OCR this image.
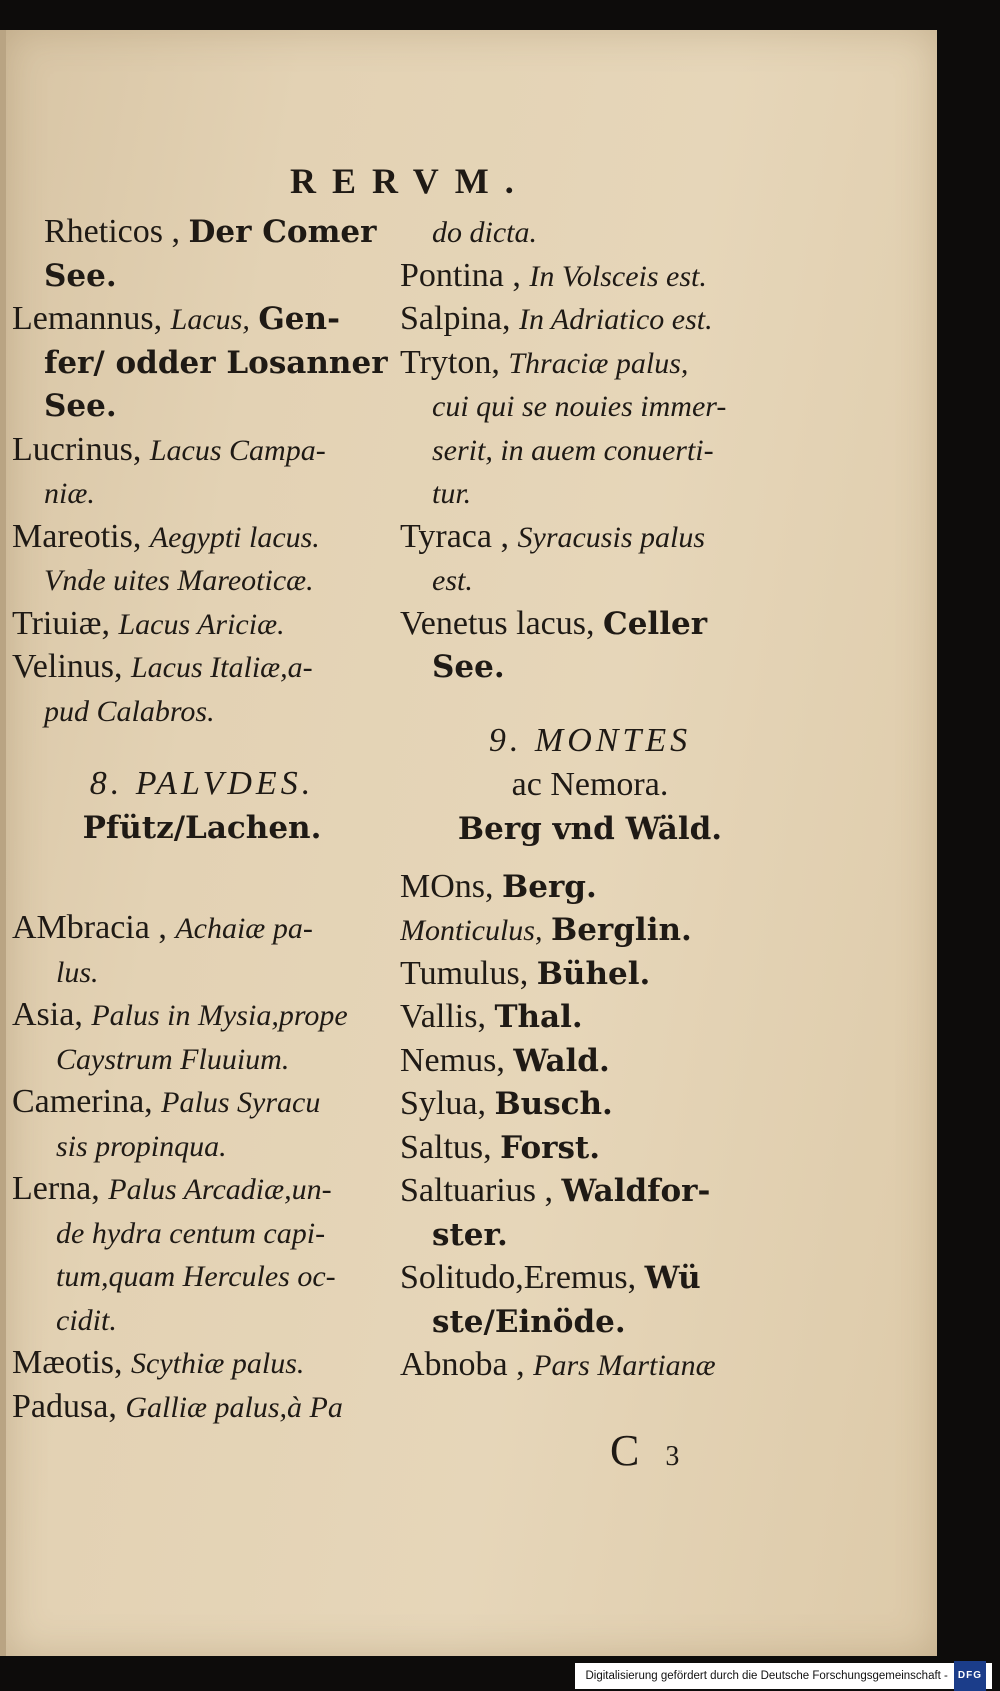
RERVM.
Rheticos , Der Comer
See.
Lemannus, Lacus, Gen-
fer/ odder Losanner
See.
Lucrinus, Lacus Campa-
niæ.
Mareotis, Aegypti lacus.
Vnde uites Mareoticæ.
Triuiæ, Lacus Ariciæ.
Velinus, Lacus Italiæ,a-
pud Calabros.
8. PALVDES.
Pfütz/Lachen.
AMbracia , Achaiæ pa-
lus.
Asia, Palus in Mysia,prope
Caystrum Fluuium.
Camerina, Palus Syracu
sis propinqua.
Lerna, Palus Arcadiæ,un-
de hydra centum capi-
tum,quam Hercules oc-
cidit.
Mæotis, Scythiæ palus.
Padusa, Galliæ palus,à Pa
do dicta.
Pontina , In Volsceis est.
Salpina, In Adriatico est.
Tryton, Thraciæ palus,
cui qui se nouies immer-
serit, in auem conuerti-
tur.
Tyraca , Syracusis palus
est.
Venetus lacus, Celler
See.
9. MONTES
ac Nemora.
Berg vnd Wäld.
MOns, Berg.
Monticulus, Berglin.
Tumulus, Bühel.
Vallis, Thal.
Nemus, Wald.
Sylua, Busch.
Saltus, Forst.
Saltuarius , Waldfor-
ster.
Solitudo,Eremus, Wü
ste/Einöde.
Abnoba , Pars Martianæ
C 3
Digitalisierung gefördert durch die Deutsche Forschungsgemeinschaft -	DFG
